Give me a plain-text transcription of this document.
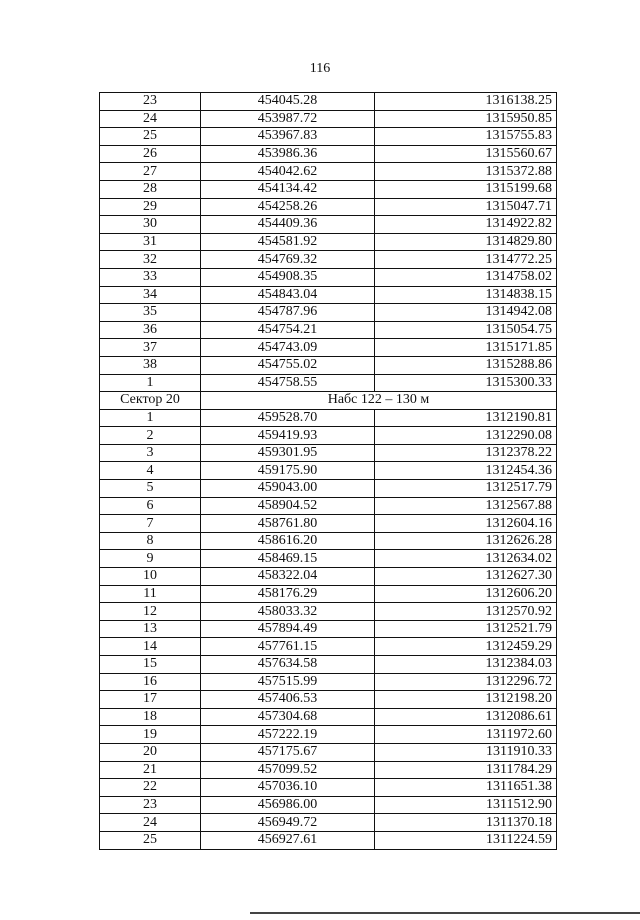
116
23	454045.28	1316138.25
24	453987.72	1315950.85
25	453967.83	1315755.83
26	453986.36	1315560.67
27	454042.62	1315372.88
28	454134.42	1315199.68
29	454258.26	1315047.71
30	454409.36	1314922.82
31	454581.92	1314829.80
32	454769.32	1314772.25
33	454908.35	1314758.02
34	454843.04	1314838.15
35	454787.96	1314942.08
36	454754.21	1315054.75
37	454743.09	1315171.85
38	454755.02	1315288.86
1	454758.55	1315300.33
Сектор 20	Набс 122 – 130 м	
1	459528.70	1312190.81
2	459419.93	1312290.08
3	459301.95	1312378.22
4	459175.90	1312454.36
5	459043.00	1312517.79
6	458904.52	1312567.88
7	458761.80	1312604.16
8	458616.20	1312626.28
9	458469.15	1312634.02
10	458322.04	1312627.30
11	458176.29	1312606.20
12	458033.32	1312570.92
13	457894.49	1312521.79
14	457761.15	1312459.29
15	457634.58	1312384.03
16	457515.99	1312296.72
17	457406.53	1312198.20
18	457304.68	1312086.61
19	457222.19	1311972.60
20	457175.67	1311910.33
21	457099.52	1311784.29
22	457036.10	1311651.38
23	456986.00	1311512.90
24	456949.72	1311370.18
25	456927.61	1311224.59
